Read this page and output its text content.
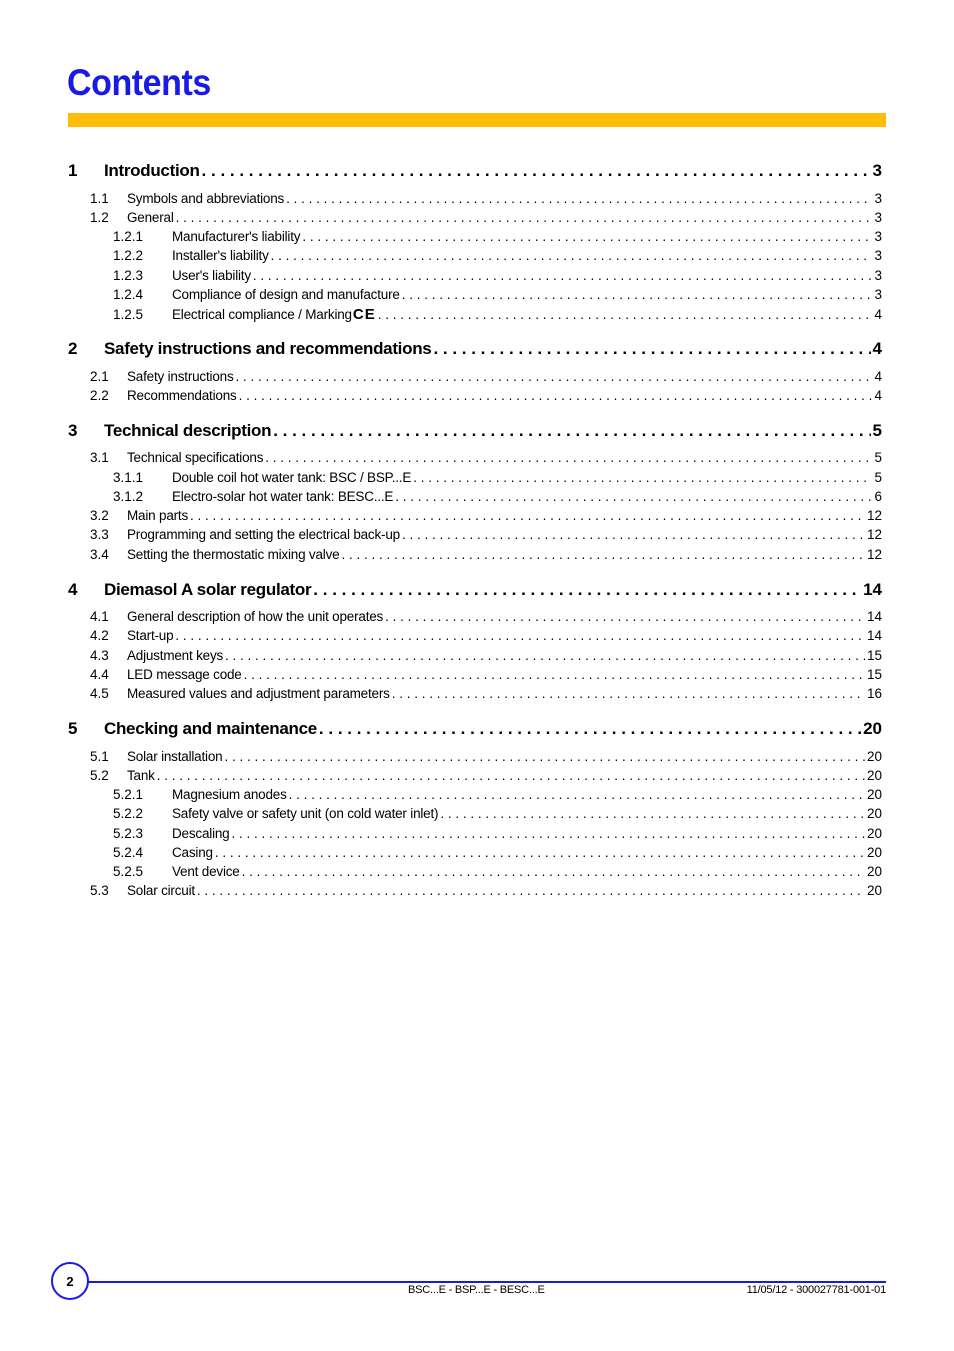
Contents
1	Introduction . . .	3
1.1	Symbols and abbreviations . . .	3
1.2	General . . .	3
1.2.1	Manufacturer's liability . . .	3
1.2.2	Installer's liability . . .	3
1.2.3	User's liability . . .	3
1.2.4	Compliance of design and manufacture . . .	3
1.2.5	Electrical compliance / Marking CE . . .	4
2	Safety instructions and recommendations . . .	4
2.1	Safety instructions . . .	4
2.2	Recommendations . . .	4
3	Technical description . . .	5
3.1	Technical specifications . . .	5
3.1.1	Double coil hot water tank: BSC / BSP...E . . .	5
3.1.2	Electro-solar hot water tank: BESC...E . . .	6
3.2	Main parts . . .	12
3.3	Programming and setting the electrical back-up . . .	12
3.4	Setting the thermostatic mixing valve . . .	12
4	Diemasol A solar regulator . . .	14
4.1	General description of how the unit operates . . .	14
4.2	Start-up . . .	14
4.3	Adjustment keys . . .	15
4.4	LED message code . . .	15
4.5	Measured values and adjustment parameters . . .	16
5	Checking and maintenance . . .	20
5.1	Solar installation . . .	20
5.2	Tank . . .	20
5.2.1	Magnesium anodes . . .	20
5.2.2	Safety valve or safety unit (on cold water inlet) . . .	20
5.2.3	Descaling . . .	20
5.2.4	Casing . . .	20
5.2.5	Vent device . . .	20
5.3	Solar circuit . . .	20
2
BSC...E - BSP...E - BESC...E	11/05/12 - 300027781-001-01
